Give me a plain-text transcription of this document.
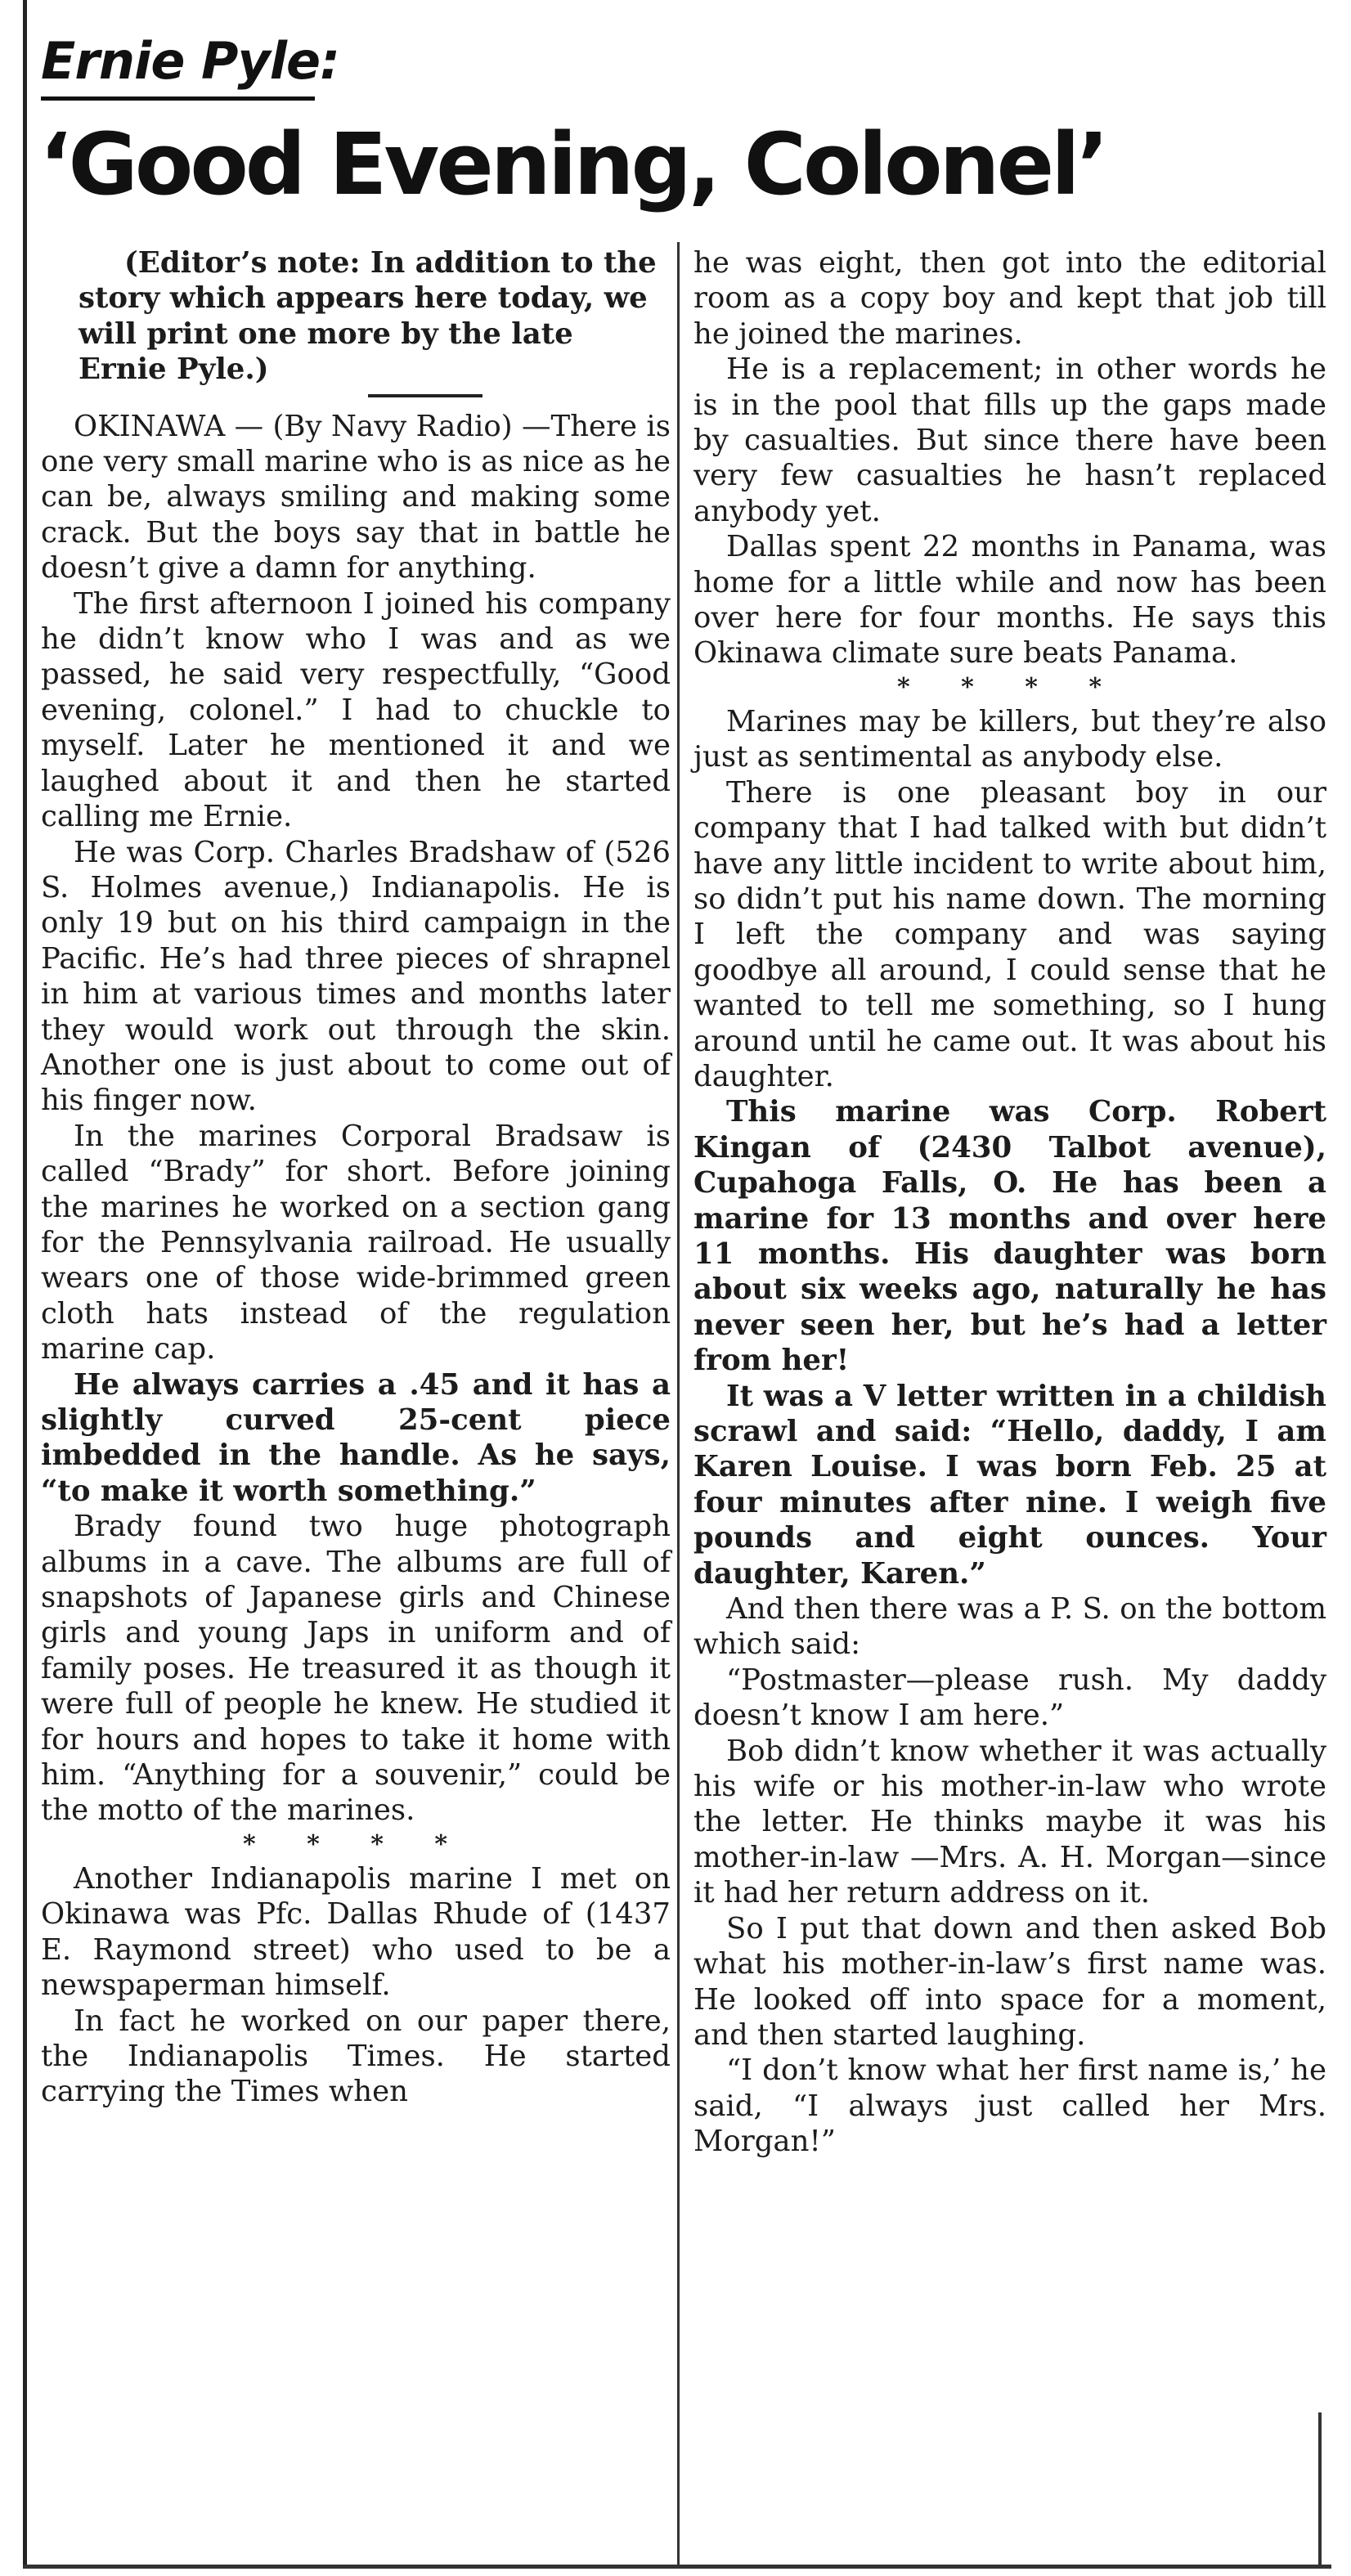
Ernie Pyle:
‘Good Evening, Colonel’

(Editor’s note: In addition to the story which appears here today, we will print one more by the late Ernie Pyle.)

OKINAWA — (By Navy Radio) —There is one very small marine who is as nice as he can be, always smiling and making some crack. But the boys say that in battle he doesn’t give a damn for anything.

The first afternoon I joined his company he didn’t know who I was and as we passed, he said very respectfully, “Good evening, colonel.” I had to chuckle to myself. Later he mentioned it and we laughed about it and then he started calling me Ernie.

He was Corp. Charles Bradshaw of (526 S. Holmes avenue,) Indianapolis. He is only 19 but on his third campaign in the Pacific. He’s had three pieces of shrapnel in him at various times and months later they would work out through the skin. Another one is just about to come out of his finger now.

In the marines Corporal Bradsaw is called “Brady” for short. Before joining the marines he worked on a section gang for the Pennsylvania railroad. He usually wears one of those wide-brimmed green cloth hats instead of the regulation marine cap.

He always carries a .45 and it has a slightly curved 25-cent piece imbedded in the handle. As he says, “to make it worth something.”

Brady found two huge photograph albums in a cave. The albums are full of snapshots of Japanese girls and Chinese girls and young Japs in uniform and of family poses. He treasured it as though it were full of people he knew. He studied it for hours and hopes to take it home with him. “Anything for a souvenir,” could be the motto of the marines.

* * * *

Another Indianapolis marine I met on Okinawa was Pfc. Dallas Rhude of (1437 E. Raymond street) who used to be a newspaperman himself.

In fact he worked on our paper there, the Indianapolis Times. He started carrying the Times when

he was eight, then got into the editorial room as a copy boy and kept that job till he joined the marines.

He is a replacement; in other words he is in the pool that fills up the gaps made by casualties. But since there have been very few casualties he hasn’t replaced anybody yet.

Dallas spent 22 months in Panama, was home for a little while and now has been over here for four months. He says this Okinawa climate sure beats Panama.

* * * *

Marines may be killers, but they’re also just as sentimental as anybody else.

There is one pleasant boy in our company that I had talked with but didn’t have any little incident to write about him, so didn’t put his name down. The morning I left the company and was saying goodbye all around, I could sense that he wanted to tell me something, so I hung around until he came out. It was about his daughter.

This marine was Corp. Robert Kingan of (2430 Talbot avenue), Cupahoga Falls, O. He has been a marine for 13 months and over here 11 months. His daughter was born about six weeks ago, naturally he has never seen her, but he’s had a letter from her!

It was a V letter written in a childish scrawl and said: “Hello, daddy, I am Karen Louise. I was born Feb. 25 at four minutes after nine. I weigh five pounds and eight ounces. Your daughter, Karen.”

And then there was a P. S. on the bottom which said:

“Postmaster—please rush. My daddy doesn’t know I am here.”

Bob didn’t know whether it was actually his wife or his mother-in-law who wrote the letter. He thinks maybe it was his mother-in-law —Mrs. A. H. Morgan—since it had her return address on it.

So I put that down and then asked Bob what his mother-in-law’s first name was. He looked off into space for a moment, and then started laughing.

“I don’t know what her first name is,’ he said, “I always just called her Mrs. Morgan!”
